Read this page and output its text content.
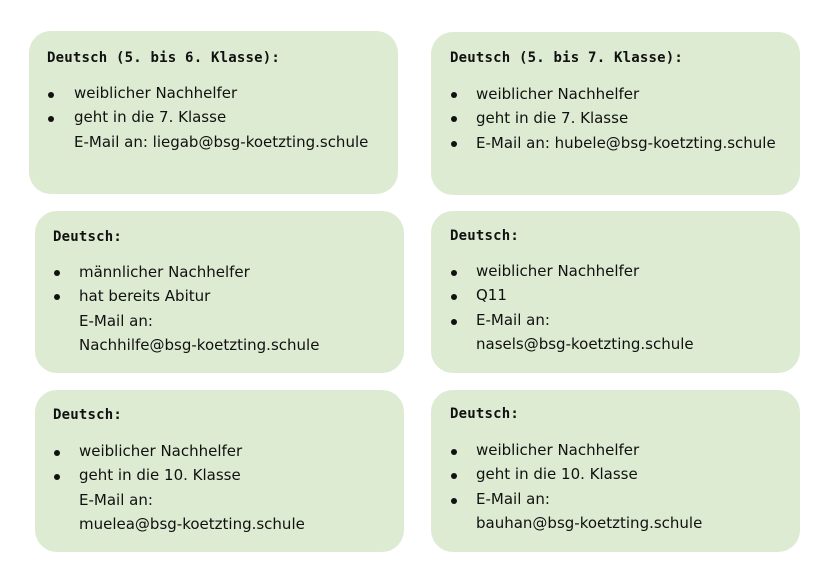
Deutsch (5. bis 6. Klasse):
weiblicher Nachhelfer
geht in die 7. Klasse
E-Mail an: liegab@bsg-koetzting.schule
Deutsch (5. bis 7. Klasse):
weiblicher Nachhelfer
geht in die 7. Klasse
E-Mail an: hubele@bsg-koetzting.schule
Deutsch:
männlicher Nachhelfer
hat bereits Abitur
E-Mail an:
Nachhilfe@bsg-koetzting.schule
Deutsch:
weiblicher Nachhelfer
Q11
E-Mail an:
nasels@bsg-koetzting.schule
Deutsch:
weiblicher Nachhelfer
geht in die 10. Klasse
E-Mail an:
muelea@bsg-koetzting.schule
Deutsch:
weiblicher Nachhelfer
geht in die 10. Klasse
E-Mail an:
bauhan@bsg-koetzting.schule
